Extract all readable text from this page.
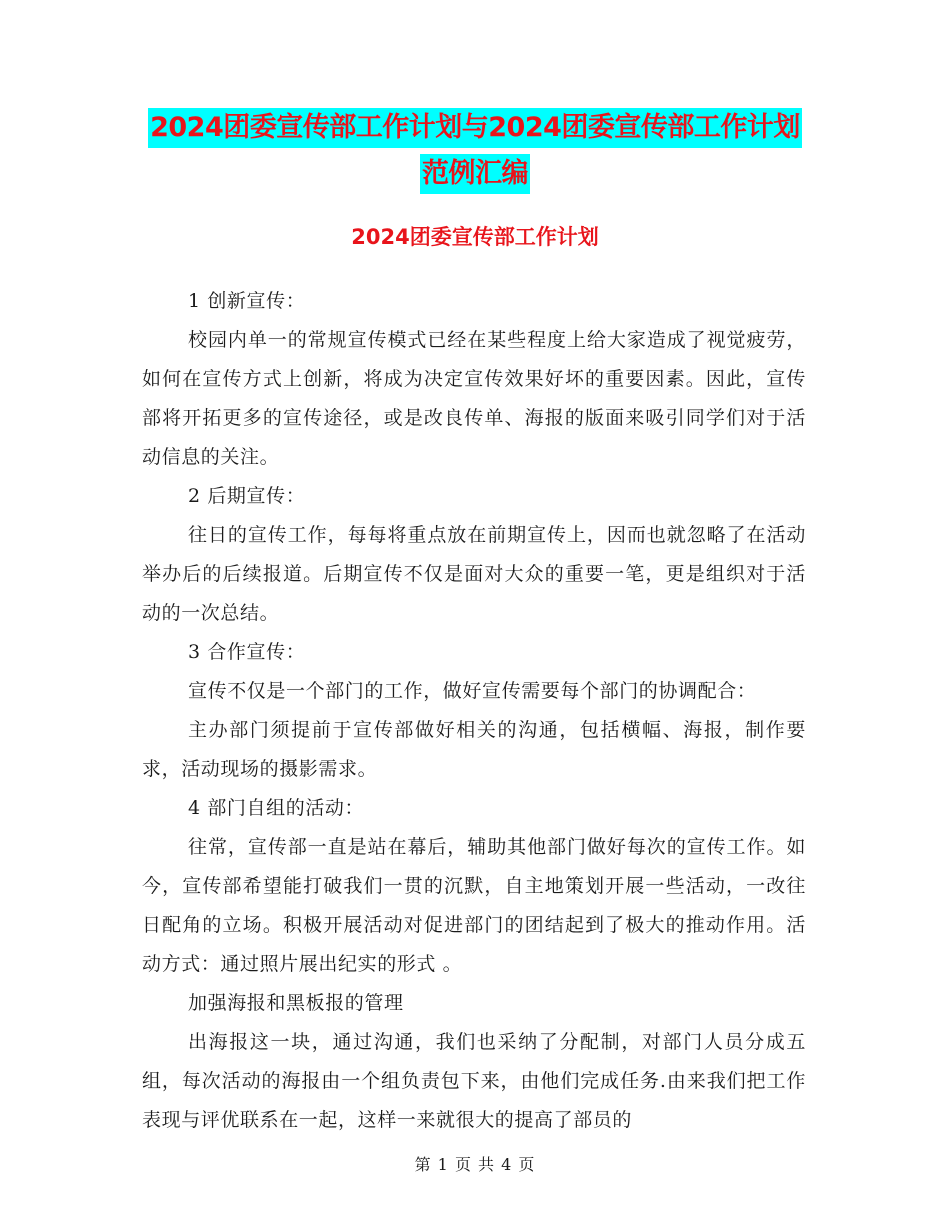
2024团委宣传部工作计划与2024团委宣传部工作计划
范例汇编
2024团委宣传部工作计划

1 创新宣传：

校园内单一的常规宣传模式已经在某些程度上给大家造成了视觉疲劳，如何在宣传方式上创新，将成为决定宣传效果好坏的重要因素。因此，宣传部将开拓更多的宣传途径，或是改良传单、海报的版面来吸引同学们对于活动信息的关注。

2 后期宣传：

往日的宣传工作，每每将重点放在前期宣传上，因而也就忽略了在活动举办后的后续报道。后期宣传不仅是面对大众的重要一笔，更是组织对于活动的一次总结。

3 合作宣传：

宣传不仅是一个部门的工作，做好宣传需要每个部门的协调配合：

主办部门须提前于宣传部做好相关的沟通，包括横幅、海报，制作要求，活动现场的摄影需求。

4 部门自组的活动：

往常，宣传部一直是站在幕后，辅助其他部门做好每次的宣传工作。如今，宣传部希望能打破我们一贯的沉默，自主地策划开展一些活动，一改往日配角的立场。积极开展活动对促进部门的团结起到了极大的推动作用。活动方式：通过照片展出纪实的形式 。

加强海报和黑板报的管理

出海报这一块，通过沟通，我们也采纳了分配制，对部门人员分成五组，每次活动的海报由一个组负责包下来，由他们完成任务.由来我们把工作表现与评优联系在一起，这样一来就很大的提高了部员的

第 1 页 共 4 页
